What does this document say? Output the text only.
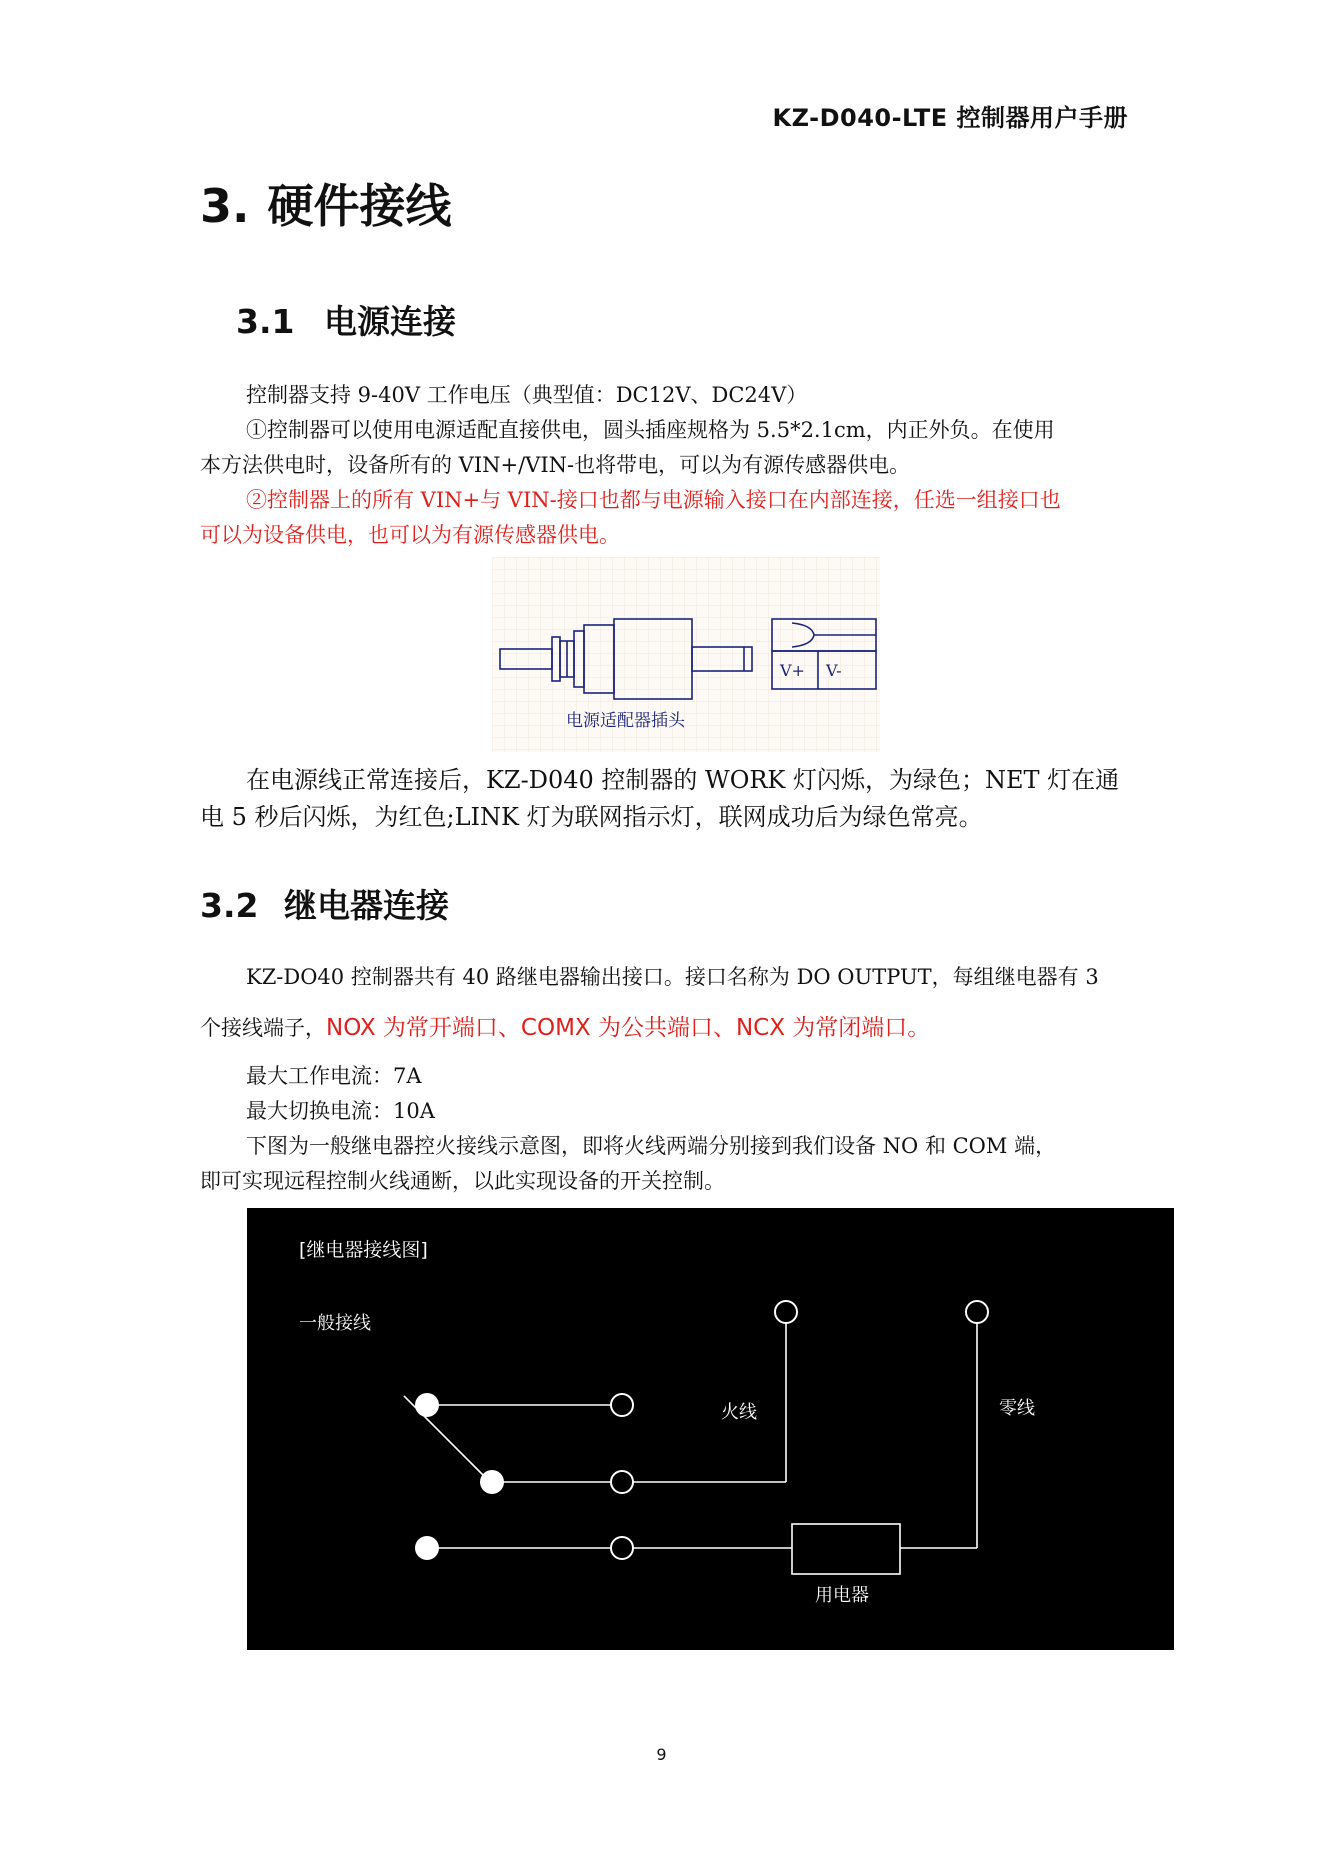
KZ-D040-LTE 控制器用户手册
3. 硬件接线
3.1 电源连接
控制器支持 9-40V 工作电压（典型值：DC12V、DC24V）
①控制器可以使用电源适配直接供电，圆头插座规格为 5.5*2.1cm，内正外负。在使用
本方法供电时，设备所有的 VIN+/VIN-也将带电，可以为有源传感器供电。
②控制器上的所有 VIN+与 VIN-接口也都与电源输入接口在内部连接，任选一组接口也
可以为设备供电，也可以为有源传感器供电。
V+ V-
电源适配器插头
在电源线正常连接后，KZ-D040 控制器的 WORK 灯闪烁，为绿色；NET 灯在通
电 5 秒后闪烁，为红色;LINK 灯为联网指示灯，联网成功后为绿色常亮。
3.2 继电器连接
KZ-DO40 控制器共有 40 路继电器输出接口。接口名称为 DO OUTPUT，每组继电器有 3
个接线端子，NOX 为常开端口、COMX 为公共端口、NCX 为常闭端口。
最大工作电流：7A
最大切换电流：10A
下图为一般继电器控火接线示意图，即将火线两端分别接到我们设备 NO 和 COM 端，
即可实现远程控制火线通断，以此实现设备的开关控制。
[继电器接线图]
一般接线
火线	零线
用电器
9
